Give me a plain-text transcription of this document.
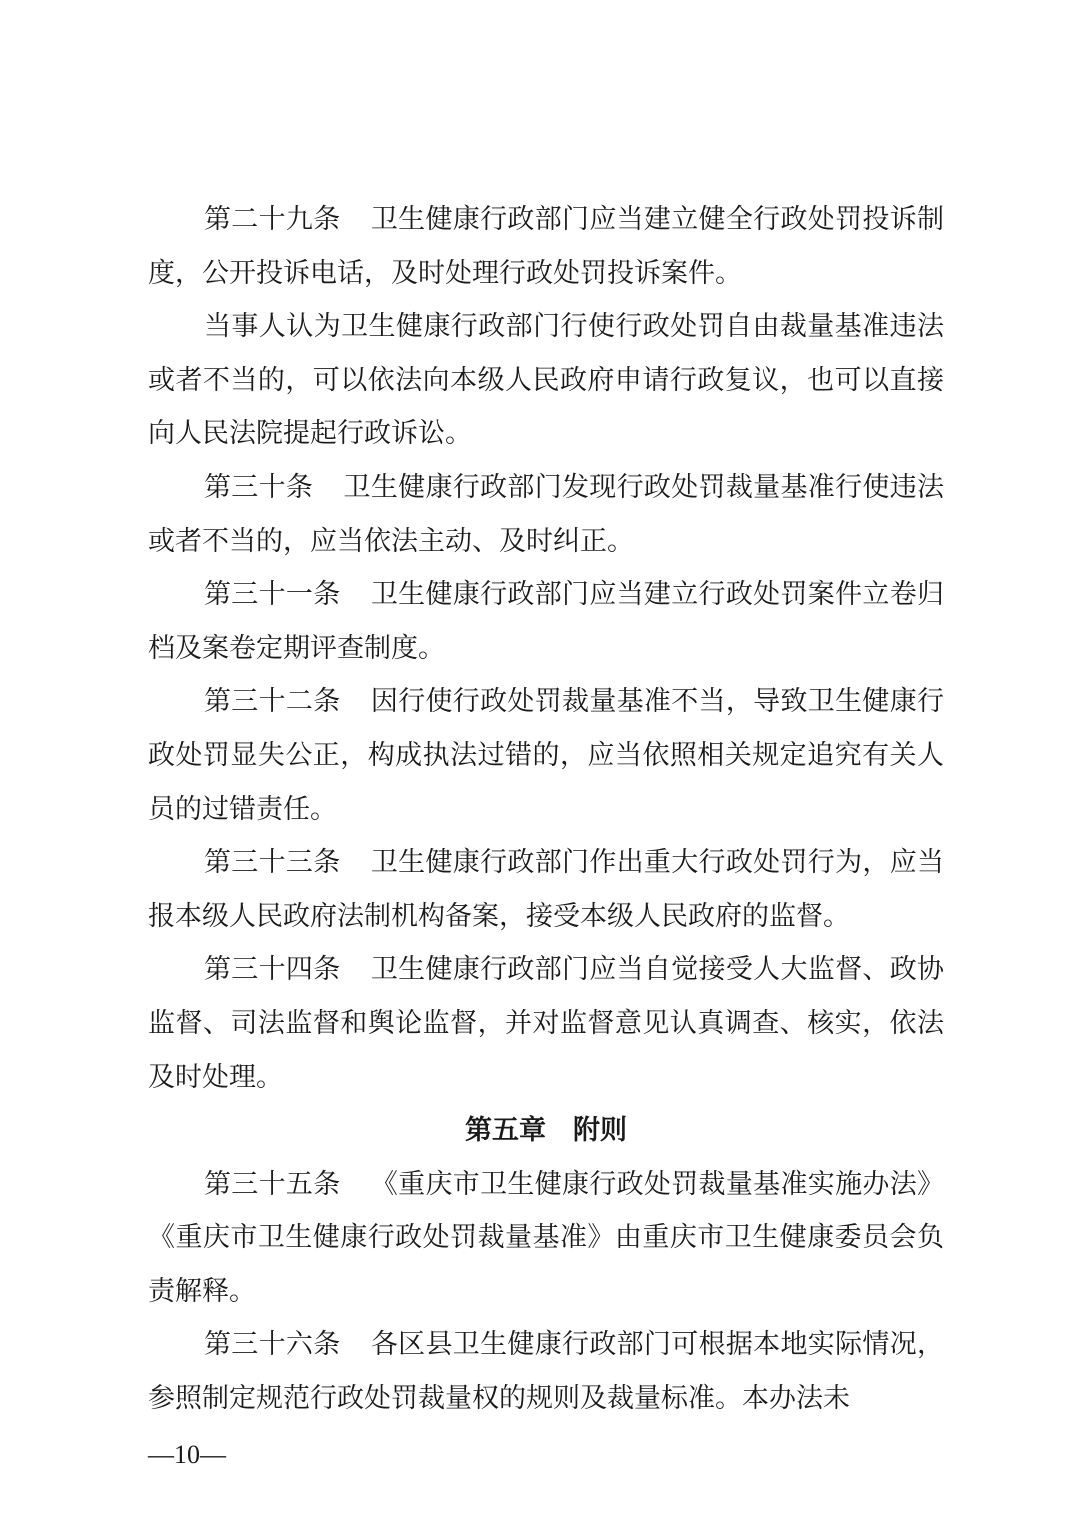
第二十九条 卫生健康行政部门应当建立健全行政处罚投诉制度，公开投诉电话，及时处理行政处罚投诉案件。

当事人认为卫生健康行政部门行使行政处罚自由裁量基准违法或者不当的，可以依法向本级人民政府申请行政复议，也可以直接向人民法院提起行政诉讼。

第三十条 卫生健康行政部门发现行政处罚裁量基准行使违法或者不当的，应当依法主动、及时纠正。

第三十一条 卫生健康行政部门应当建立行政处罚案件立卷归档及案卷定期评查制度。

第三十二条 因行使行政处罚裁量基准不当，导致卫生健康行政处罚显失公正，构成执法过错的，应当依照相关规定追究有关人员的过错责任。

第三十三条 卫生健康行政部门作出重大行政处罚行为，应当报本级人民政府法制机构备案，接受本级人民政府的监督。

第三十四条 卫生健康行政部门应当自觉接受人大监督、政协监督、司法监督和舆论监督，并对监督意见认真调查、核实，依法及时处理。

第五章　附则

第三十五条 《重庆市卫生健康行政处罚裁量基准实施办法》《重庆市卫生健康行政处罚裁量基准》由重庆市卫生健康委员会负责解释。

第三十六条 各区县卫生健康行政部门可根据本地实际情况，参照制定规范行政处罚裁量权的规则及裁量标准。本办法未

—10—
